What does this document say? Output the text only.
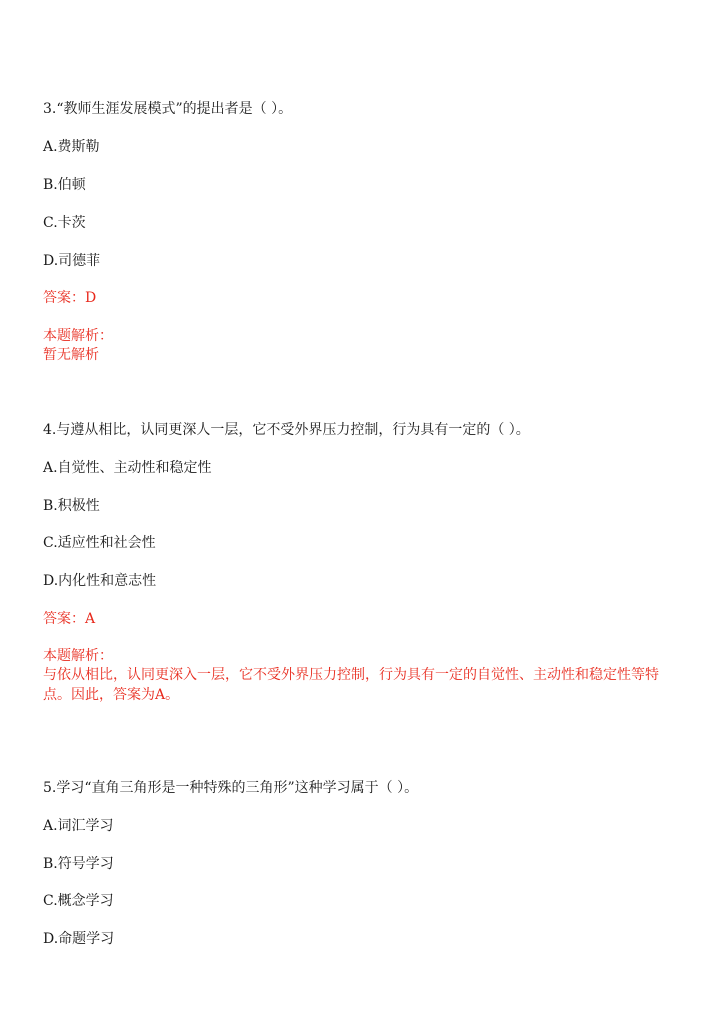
3.“教师生涯发展模式”的提出者是（ ）。
A.费斯勒
B.伯顿
C.卡茨
D.司德菲
答案：D
本题解析：
暂无解析
4.与遵从相比，认同更深人一层，它不受外界压力控制，行为具有一定的（ ）。
A.自觉性、主动性和稳定性
B.积极性
C.适应性和社会性
D.内化性和意志性
答案：A
本题解析：
与依从相比，认同更深入一层，它不受外界压力控制，行为具有一定的自觉性、主动性和稳定性等特点。因此，答案为A。
5.学习“直角三角形是一种特殊的三角形”这种学习属于（ ）。
A.词汇学习
B.符号学习
C.概念学习
D.命题学习
